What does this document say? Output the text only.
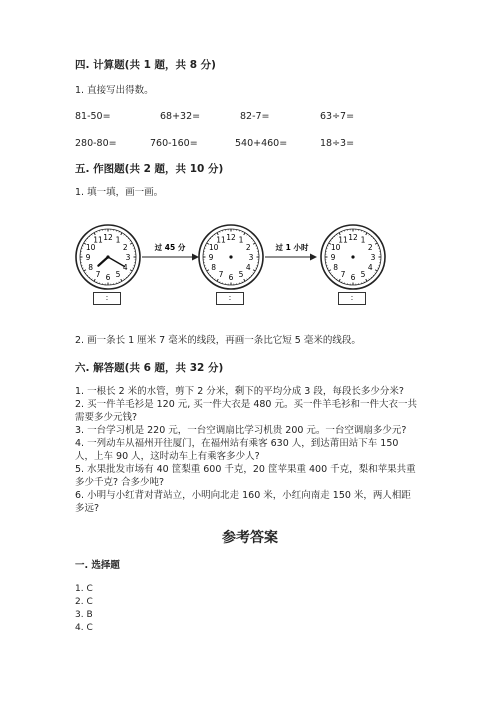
四. 计算题(共 1 题，共 8 分)
1. 直接写出得数。
81-50=	68+32=	82-7=	63÷7=
280-80=	760-160=	540+460=	18÷3=
五. 作图题(共 2 题，共 10 分)
1. 填一填，画一画。
12 1
2
3
4
5
6
7
8
9
10
11	12 1
2
3
4
5
6
7
8
9
10
11	12 1
2
3
4
5
6
7
8
9
10
11
过 45 分	过 1 小时
:	:	:
2. 画一条长 1 厘米 7 毫米的线段，再画一条比它短 5 毫米的线段。
六. 解答题(共 6 题，共 32 分)
1. 一根长 2 米的水管，剪下 2 分米，剩下的平均分成 3 段，每段长多少分米?
2. 买一件羊毛衫是 120 元, 买一件大衣是 480 元。买一件羊毛衫和一件大衣一共
需要多少元钱?
3. 一台学习机是 220 元，一台空调扇比学习机贵 200 元。一台空调扇多少元?
4. 一列动车从福州开往厦门，在福州站有乘客 630 人，到达莆田站下车 150
人，上车 90 人，这时动车上有乘客多少人?
5. 水果批发市场有 40 筐梨重 600 千克，20 筐苹果重 400 千克，梨和苹果共重
多少千克? 合多少吨?
6. 小明与小红背对背站立，小明向北走 160 米，小红向南走 150 米，两人相距
多远?
参考答案
一. 选择题
1. C
2. C
3. B
4. C
